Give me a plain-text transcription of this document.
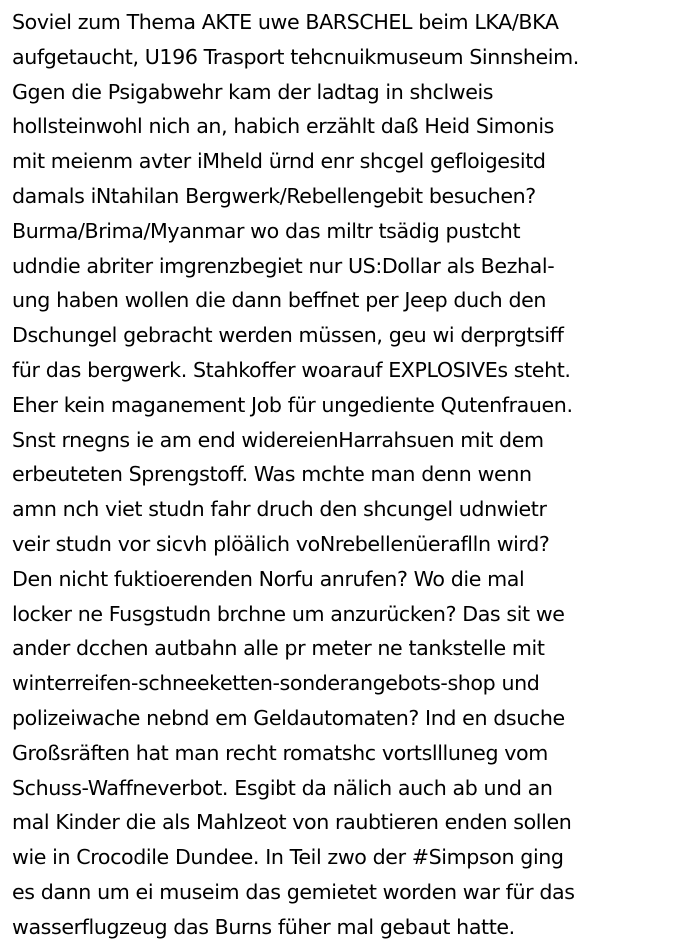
Soviel zum Thema AKTE uwe BARSCHEL beim LKA/BKA
aufgetaucht, U196 Trasport tehcnuikmuseum Sinnsheim.
Ggen die Psigabwehr kam der ladtag in shclweis
hollsteinwohl nich an, habich erzählt daß Heid Simonis
mit meienm avter iMheld ürnd enr shcgel gefloigesitd
damals iNtahilan Bergwerk/Rebellengebit besuchen?
Burma/Brima/Myanmar wo das miltr tsädig pustcht
udndie abriter imgrenzbegiet nur US:Dollar als Bezhal-
ung haben wollen die dann beffnet per Jeep duch den
Dschungel gebracht werden müssen, geu wi derprgtsiff
für das bergwerk. Stahkoffer woarauf EXPLOSIVEs steht.
Eher kein maganement Job für ungediente Qutenfrauen.
Snst rnegns ie am end widereienHarrahsuen mit dem
erbeuteten Sprengstoff. Was mchte man denn wenn
amn nch viet studn fahr druch den shcungel udnwietr
veir studn vor sicvh plöälich voNrebellenüeraflln wird?
Den nicht fuktioerenden Norfu anrufen? Wo die mal
locker ne Fusgstudn brchne um anzurücken? Das sit we
ander dcchen autbahn alle pr meter ne tankstelle mit
winterreifen-schneeketten-sonderangebots-shop und
polizeiwache nebnd em Geldautomaten? Ind en dsuche
Großsräften hat man recht romatshc vortsllluneg vom
Schuss-Waffneverbot. Esgibt da nälich auch ab und an
mal Kinder die als Mahlzeot von raubtieren enden sollen
wie in Crocodile Dundee. In Teil zwo der #Simpson ging
es dann um ei museim das gemietet worden war für das
wasserflugzeug das Burns füher mal gebaut hatte.
